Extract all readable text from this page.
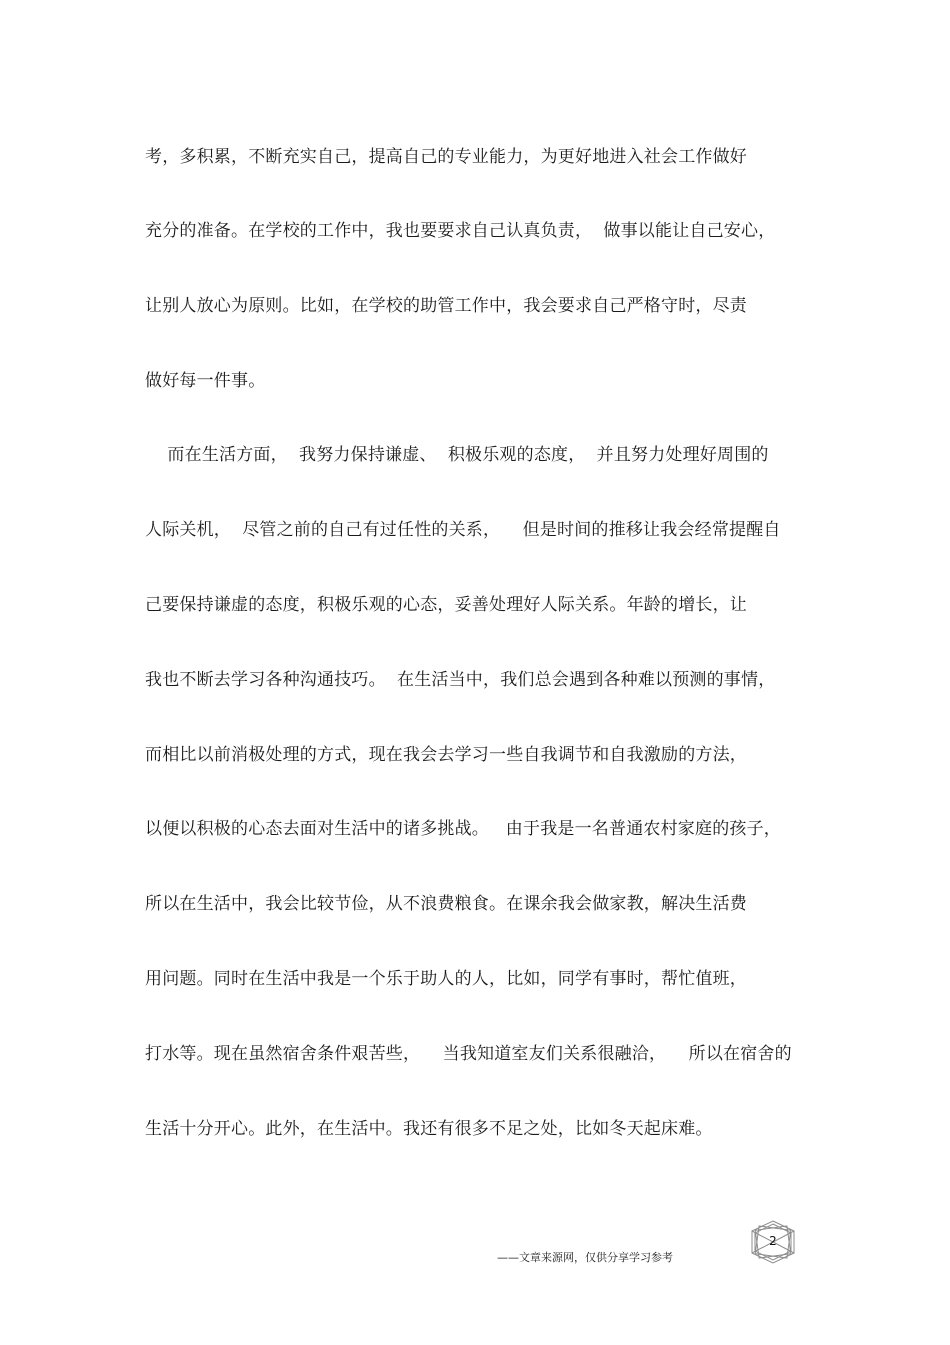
考，多积累，不断充实自己，提高自己的专业能力，为更好地进入社会工作做好
充分的准备。在学校的工作中，我也要要求自己认真负责，  做事以能让自己安心，
让别人放心为原则。比如，在学校的助管工作中，我会要求自己严格守时，尽责
做好每一件事。
而在生活方面，  我努力保持谦虚、  积极乐观的态度，  并且努力处理好周围的
人际关机，  尽管之前的自己有过任性的关系，    但是时间的推移让我会经常提醒自
己要保持谦虚的态度，积极乐观的心态，妥善处理好人际关系。年龄的增长，让
我也不断去学习各种沟通技巧。  在生活当中，我们总会遇到各种难以预测的事情，
而相比以前消极处理的方式，现在我会去学习一些自我调节和自我激励的方法，
以便以积极的心态去面对生活中的诸多挑战。   由于我是一名普通农村家庭的孩子，
所以在生活中，我会比较节俭，从不浪费粮食。在课余我会做家教，解决生活费
用问题。同时在生活中我是一个乐于助人的人，比如，同学有事时，帮忙值班，
打水等。现在虽然宿舍条件艰苦些，    当我知道室友们关系很融洽，    所以在宿舍的
生活十分开心。此外，在生活中。我还有很多不足之处，比如冬天起床难。
2
——文章来源网，仅供分享学习参考
